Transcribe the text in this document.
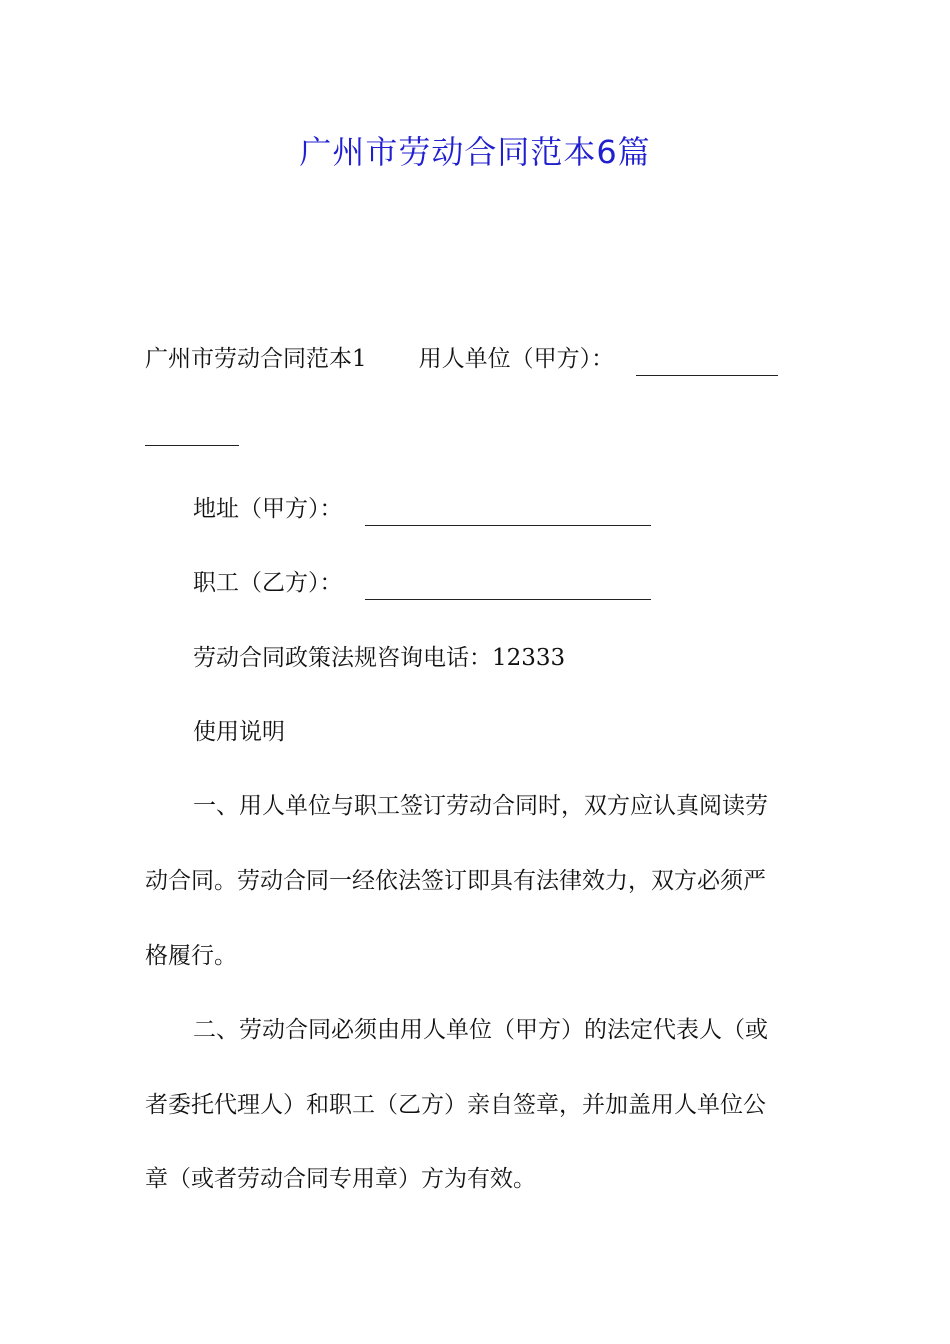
广州市劳动合同范本6篇
广州市劳动合同范本1 用人单位（甲方）：
地址（甲方）：
职工（乙方）：
劳动合同政策法规咨询电话：12333
使用说明
一、用人单位与职工签订劳动合同时，双方应认真阅读劳
动合同。劳动合同一经依法签订即具有法律效力，双方必须严
格履行。
二、劳动合同必须由用人单位（甲方）的法定代表人（或
者委托代理人）和职工（乙方）亲自签章，并加盖用人单位公
章（或者劳动合同专用章）方为有效。
